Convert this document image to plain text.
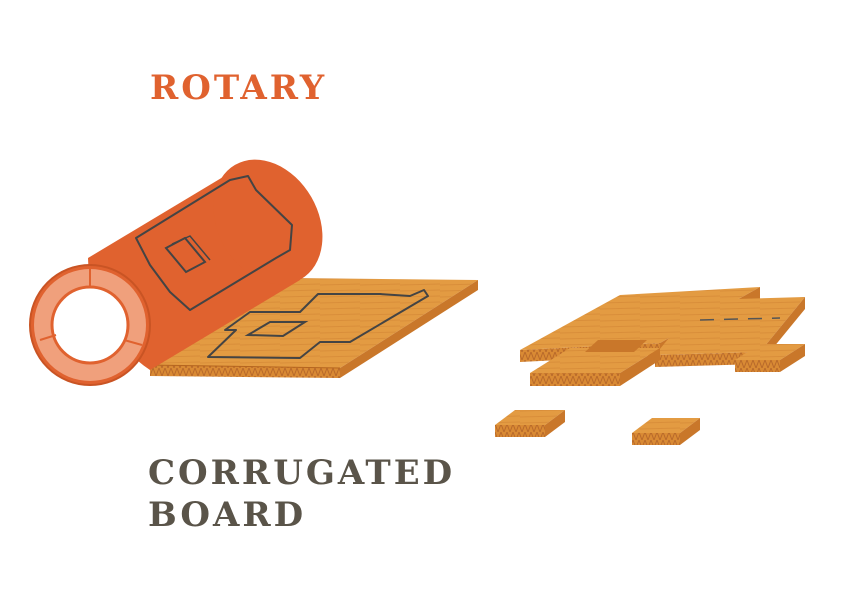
ROTARY
CORRUGATED
BOARD
